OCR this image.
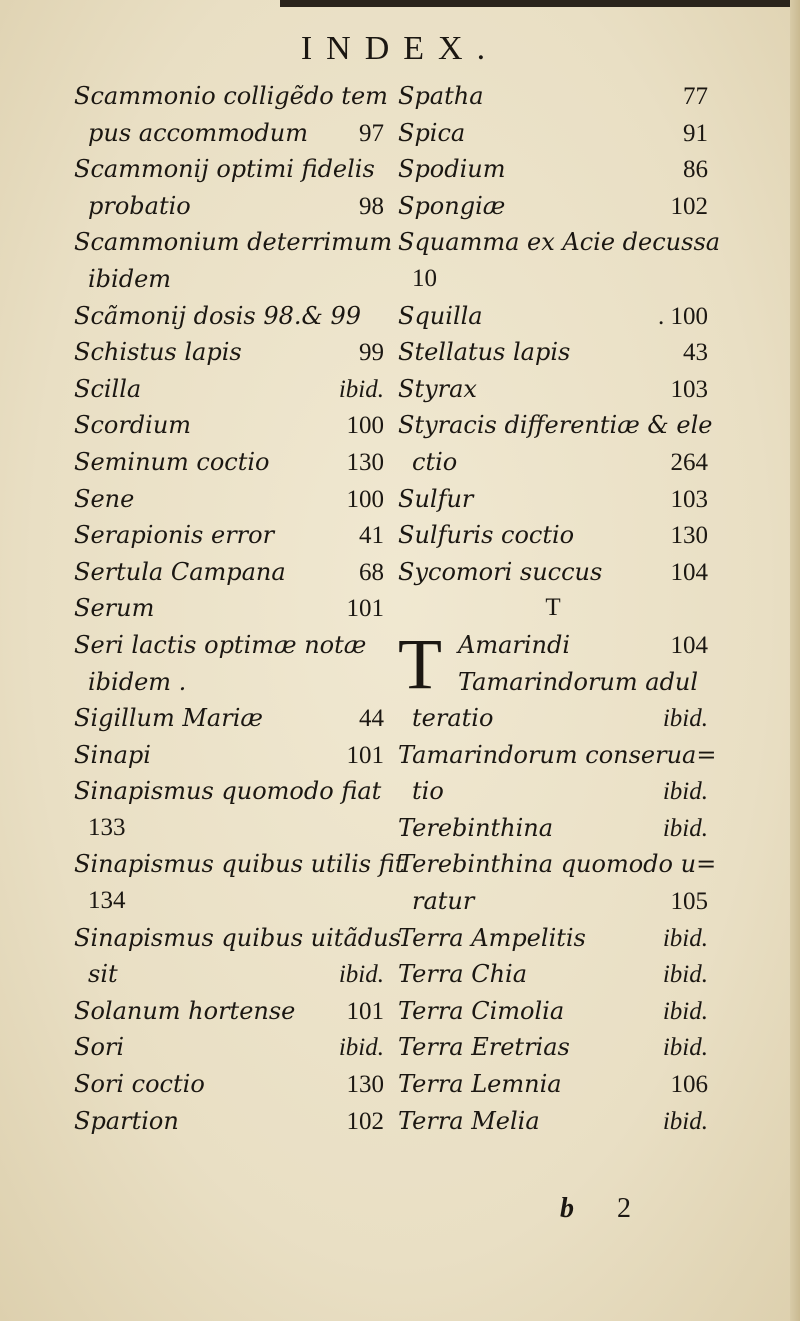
INDEX.
Scammonio colligẽdo tem
pus accommodum 97
Scammonij optimi fidelis
probatio	98
Scammonium deterrimum
ibidem
Scãmonij dosis 98.& 99
Schistus lapis	99
Scilla	ibid.
Scordium	100
Seminum coctio	130
Sene	100
Serapionis error	41
Sertula Campana	68
Serum	101
Seri lactis optimæ notæ
ibidem .
Sigillum Mariæ	44
Sinapi	101
Sinapismus quomodo fiat
133
Sinapismus quibus utilis fit
134
Sinapismus quibus uitãdus
sit	ibid.
Solanum hortense 101
Sori	ibid.
Sori coctio	130
Spartion	102
Spatha	77
Spica	91
Spodium	86
Spongiæ	102
Squamma ex Acie decussa
10
Squilla	. 100
Stellatus lapis	43
Styrax	103
Styracis differentiæ & ele
ctio	264
Sulfur	103
Sulfuris coctio	130
Sycomori succus	104
T
T Amarindi	104
Tamarindorum adul
teratio	ibid.
Tamarindorum conserua=
tio	ibid.
Terebinthina	ibid.
Terebinthina quomodo u=
ratur	105
Terra Ampelitis	ibid.
Terra Chia	ibid.
Terra Cimolia	ibid.
Terra Eretrias	ibid.
Terra Lemnia	106
Terra Melia	ibid.
b 2
